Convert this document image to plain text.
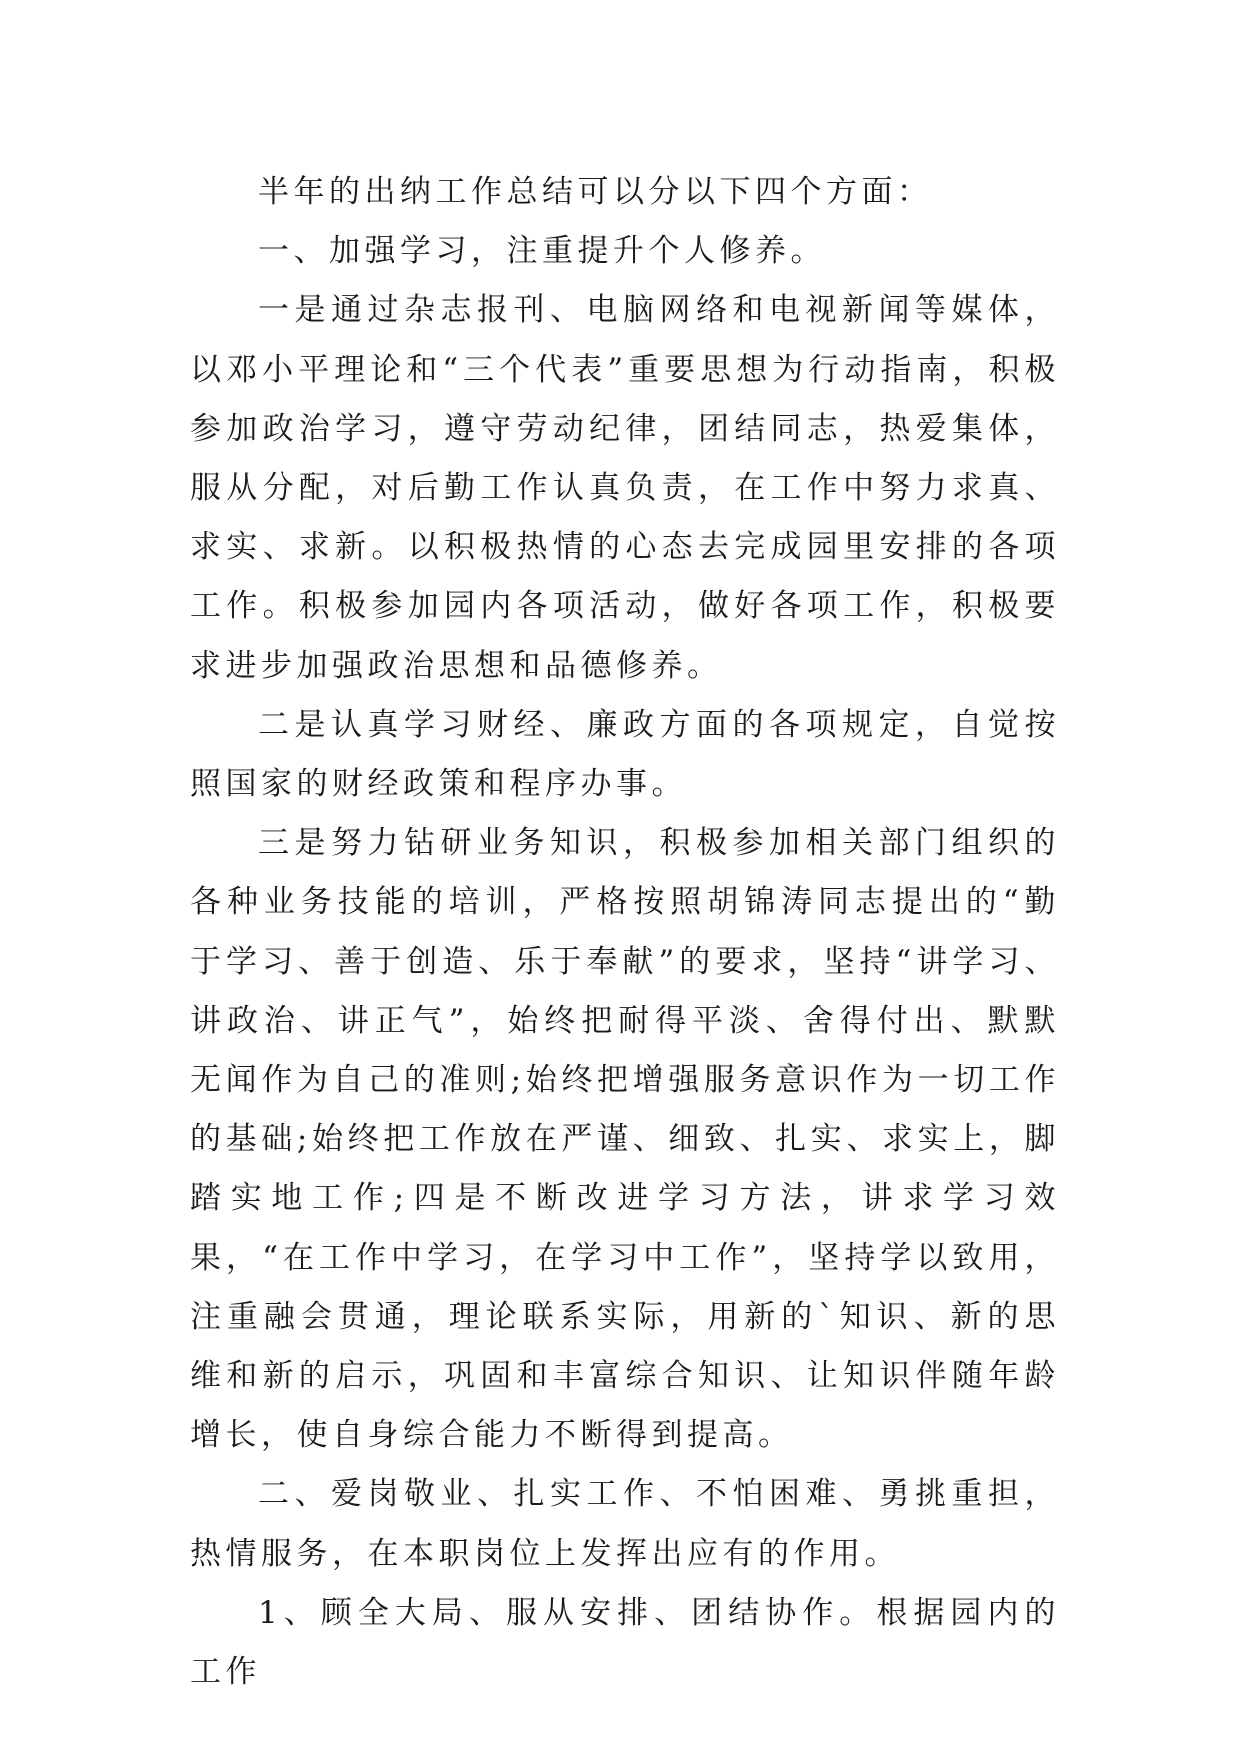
半年的出纳工作总结可以分以下四个方面：

一、加强学习，注重提升个人修养。

一是通过杂志报刊、电脑网络和电视新闻等媒体，以邓小平理论和“三个代表”重要思想为行动指南，积极参加政治学习，遵守劳动纪律，团结同志，热爱集体，服从分配，对后勤工作认真负责，在工作中努力求真、求实、求新。以积极热情的心态去完成园里安排的各项工作。积极参加园内各项活动，做好各项工作，积极要求进步加强政治思想和品德修养。

二是认真学习财经、廉政方面的各项规定，自觉按照国家的财经政策和程序办事。

三是努力钻研业务知识，积极参加相关部门组织的各种业务技能的培训，严格按照胡锦涛同志提出的“勤于学习、善于创造、乐于奉献”的要求，坚持“讲学习、讲政治、讲正气”，始终把耐得平淡、舍得付出、默默无闻作为自己的准则;始终把增强服务意识作为一切工作的基础;始终把工作放在严谨、细致、扎实、求实上，脚踏实地工作;四是不断改进学习方法，讲求学习效果，“在工作中学习，在学习中工作”，坚持学以致用，注重融会贯通，理论联系实际，用新的`知识、新的思维和新的启示，巩固和丰富综合知识、让知识伴随年龄增长，使自身综合能力不断得到提高。

二、爱岗敬业、扎实工作、不怕困难、勇挑重担，热情服务，在本职岗位上发挥出应有的作用。

1、顾全大局、服从安排、团结协作。根据园内的工作
